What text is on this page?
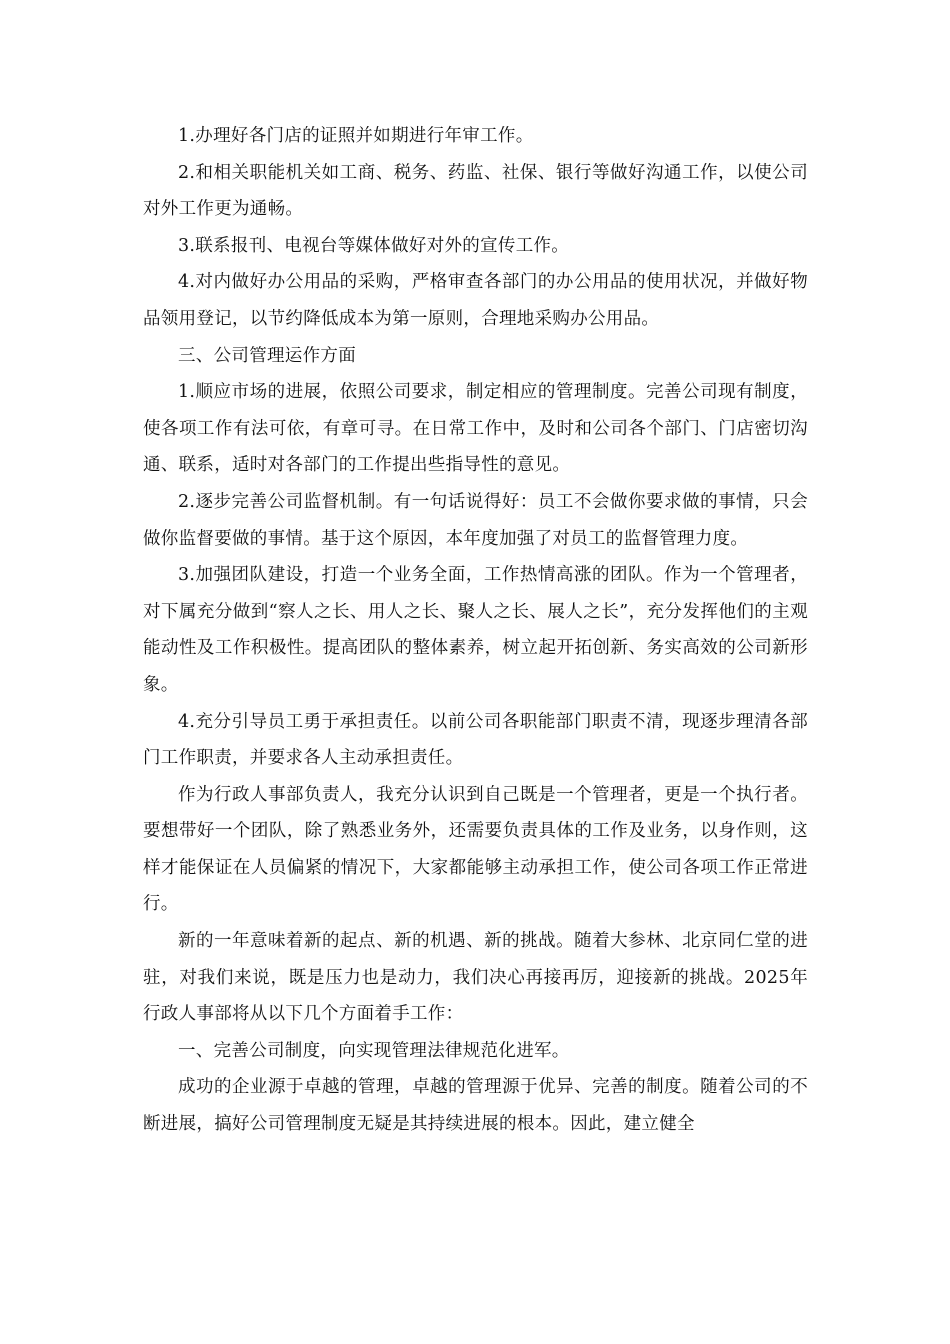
1.办理好各门店的证照并如期进行年审工作。

2.和相关职能机关如工商、税务、药监、社保、银行等做好沟通工作，以使公司对外工作更为通畅。

3.联系报刊、电视台等媒体做好对外的宣传工作。

4.对内做好办公用品的采购，严格审查各部门的办公用品的使用状况，并做好物品领用登记，以节约降低成本为第一原则，合理地采购办公用品。

三、公司管理运作方面

1.顺应市场的进展，依照公司要求，制定相应的管理制度。完善公司现有制度，使各项工作有法可依，有章可寻。在日常工作中，及时和公司各个部门、门店密切沟通、联系，适时对各部门的工作提出些指导性的意见。

2.逐步完善公司监督机制。有一句话说得好：员工不会做你要求做的事情，只会做你监督要做的事情。基于这个原因，本年度加强了对员工的监督管理力度。

3.加强团队建设，打造一个业务全面，工作热情高涨的团队。作为一个管理者，对下属充分做到“察人之长、用人之长、聚人之长、展人之长”，充分发挥他们的主观能动性及工作积极性。提高团队的整体素养，树立起开拓创新、务实高效的公司新形象。

4.充分引导员工勇于承担责任。以前公司各职能部门职责不清，现逐步理清各部门工作职责，并要求各人主动承担责任。

作为行政人事部负责人，我充分认识到自己既是一个管理者，更是一个执行者。要想带好一个团队，除了熟悉业务外，还需要负责具体的工作及业务，以身作则，这样才能保证在人员偏紧的情况下，大家都能够主动承担工作，使公司各项工作正常进行。

新的一年意味着新的起点、新的机遇、新的挑战。随着大参林、北京同仁堂的进驻，对我们来说，既是压力也是动力，我们决心再接再厉，迎接新的挑战。2025年行政人事部将从以下几个方面着手工作：

一、完善公司制度，向实现管理法律规范化进军。

成功的企业源于卓越的管理，卓越的管理源于优异、完善的制度。随着公司的不断进展，搞好公司管理制度无疑是其持续进展的根本。因此，建立健全
